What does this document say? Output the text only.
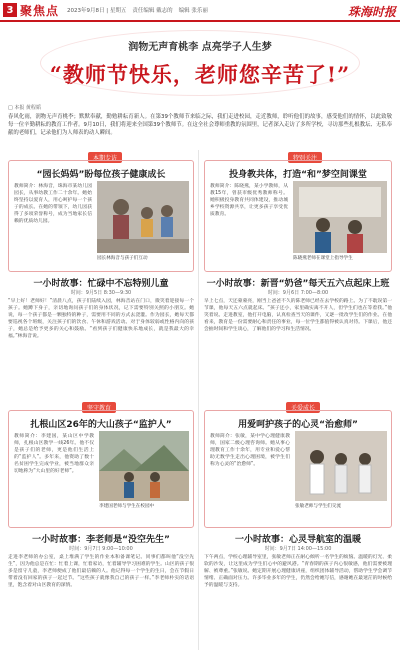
3 聚焦点 2023年9月8日 | 星期五 责任编辑 戴志的 编辑 张乐丽	珠海时报
润物无声育桃李 点亮学子人生梦
“教师节快乐，老师您辛苦了!”
□ 本报 黄程韬
春风化雨，润物无声育桃李；默默奉献，勤勉耕耘育新人。在第39个教师节来临之际，我们走进校园，走近教师，聆听他们的故事，感受他们的情怀，以此致敬每一位辛勤耕耘的教育工作者。9月10日，我们将迎来全国第39个教师节。在这全社会尊师重教的氛围里，记者深入走访了多所学校，寻访那些扎根教坛、无私奉献的老师们，记录他们为人师表的动人瞬间。
本期专访
“园长妈妈”盼每位孩子健康成长
教师简介：林海音，珠海市某幼儿园园长，从事幼教工作二十余年。她始终坚持以爱育人，用心呵护每一个孩子的成长。在她的带领下，幼儿园获得了多项荣誉称号，成为当地家长信赖的优质幼儿园。
园长林海音与孩子们互动
一小时故事：忙碌中不忘特别儿童
时间：9月5日 8:30—9:30
“早上好！老师好！”清晨八点，孩子们陆续入园，林海音站在门口，微笑着迎接每一个孩子。她蹲下身子，亲切地询问孩子们的身体状况，记下需要特别关照的小朋友。她说，每一个孩子都是一颗独特的种子，需要用不同的方式去浇灌。作为园长，她每天都要巡视各个班级，关注孩子们的饮食、午休和游戏活动。对于身体较弱或性格内向的孩子，她总是给予更多的关心和鼓励。“看到孩子们健康快乐地成长，就是我最大的幸福。”林海音说。
特别关注
投身教共体，打造“和”梦空间课堂
教师简介：陈晓燕，某小学教师，从教15年，曾获市级优秀教师称号。她积极投身教育共同体建设，推动城乡学校资源共享，让更多孩子享受优质教育。
陈晓燕老师在课堂上指导学生
一小时故事：新晋“奶爸”每天五六点起床上班
时间：9月6日 7:00—8:00
早上七点，天还蒙蒙亮，刚当上爸爸不久的陈老师已经在去学校的路上。为了不耽误第一节课，他每天五六点就起床。“孩子还小，家里确实离不开人，但学生们也在等着我。”他笑着说。走进教室，他打开电脑，认真检查当天的课件，又逐一批改学生们的作业。在他看来，教育是一份需要耐心和责任的事业，每一位学生都值得被认真对待。下课后，他还会抽时间和学生谈心，了解他们的学习和生活情况。
坚守教育
扎根山区26年的大山孩子“监护人”
教师简介：李建国，某山区中学教师，扎根山区教学一线26年。他不仅是孩子们的老师，更是他们生活上的“监护人”。多年来，他资助了数十名贫困学生完成学业，被当地群众亲切地称为“大山里的好老师”。
李建国老师与学生在校园中
一小时故事：李老师是“没空先生”
时间：9月7日 9:00—10:00
走进李老师的办公室，桌上堆满了学生的作业本和备课笔记。同事们都叫他“没空先生”，因为他总是在忙：忙着上课，忙着家访，忙着辅导学习困难的学生。山区的孩子很多是留守儿童，李老师便成了他们最信赖的人。他记得每一个学生的生日，会在节假日带着没有回家的孩子一起过节。“这些孩子就像我自己的孩子一样。”李老师朴实的话语里，饱含着对山区教育的深情。
关爱成长
用爱呵护孩子的心灵“治愈师”
教师简介：张敏，某中学心理健康教师，国家二级心理咨询师。她从事心理教育工作十余年，用专业和爱心帮助无数学生走出心理困境，被学生们称为心灵的“治愈师”。
张敏老师与学生们交流
一小时故事：心灵导航室的温暖
时间：9月7日 14:00—15:00
下午两点，学校心理辅导室里，张敏老师正在耐心倾听一名学生的烦恼。温暖的灯光、柔软的沙发，让这里成为学生们心中的避风港。“青春期的孩子内心很敏感，他们需要被理解、被尊重。”张敏说。她定期开展心理健康讲座，组织团体辅导活动，帮助学生学会调节情绪、正确面对压力。许多毕业多年的学生，仍然会给她写信，感谢她在最迷茫的时候给予的温暖与支持。
